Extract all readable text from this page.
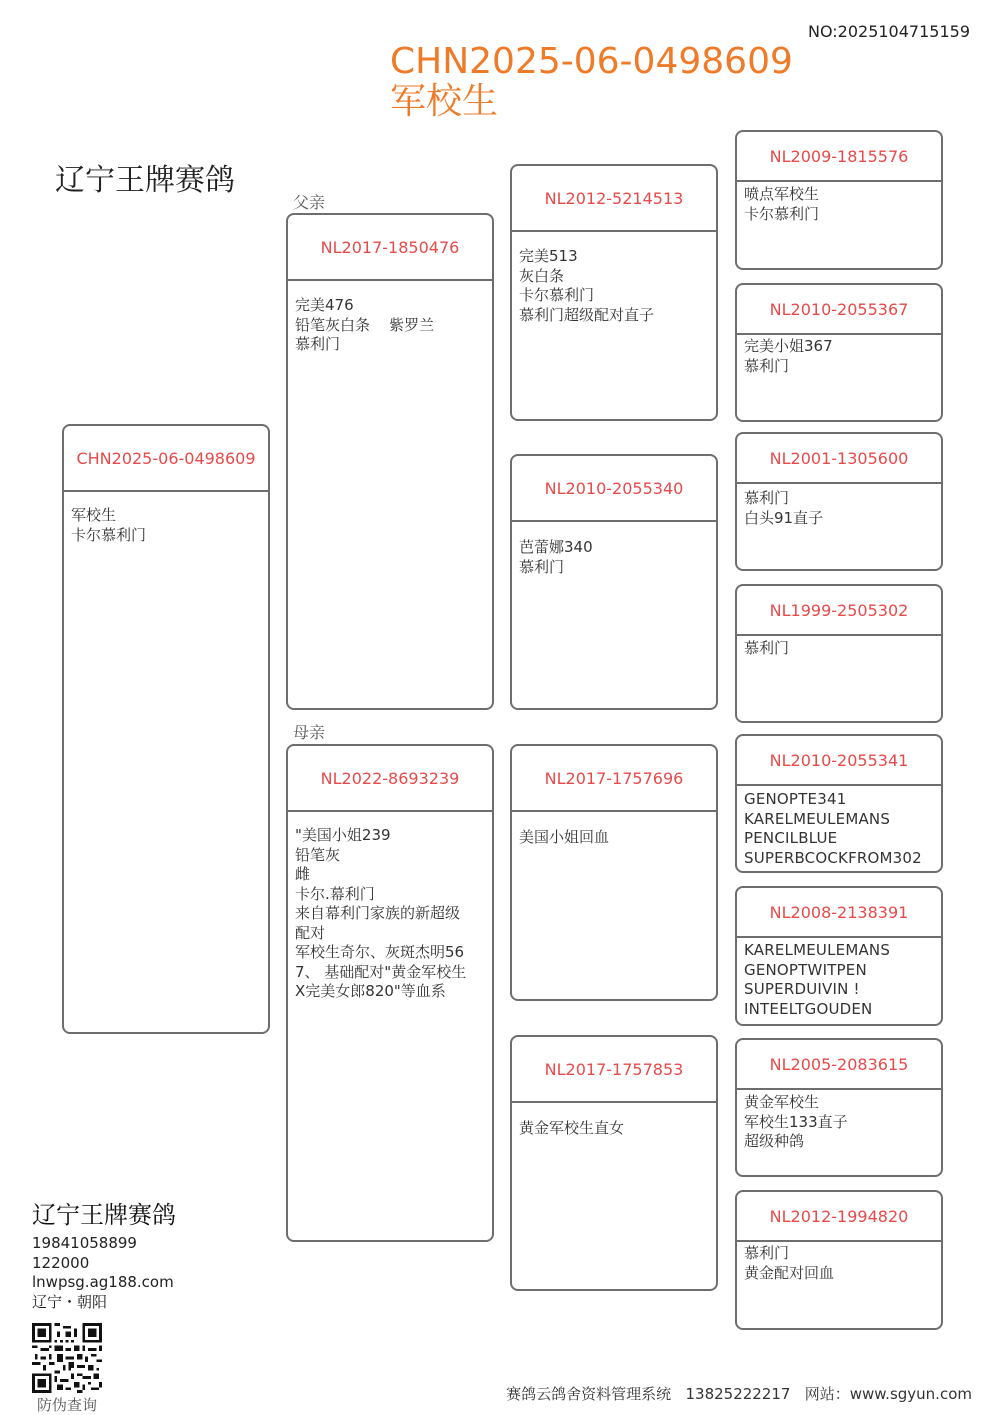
NO:2025104715159
CHN2025-06-0498609
军校生
辽宁王牌赛鸽
父亲
母亲
CHN2025-06-0498609
军校生
卡尔慕利门
NL2017-1850476
完美476
铅笔灰白条    紫罗兰
慕利门
NL2022-8693239
"美国小姐239
铅笔灰
雌
卡尔.幕利门
来自幕利门家族的新超级配对
军校生奇尔、灰斑杰明567、 基础配对"黄金军校生X完美女郎820"等血系
NL2012-5214513
完美513
灰白条
卡尔慕利门
慕利门超级配对直子
NL2010-2055340
芭蕾娜340
慕利门
NL2017-1757696
美国小姐回血
NL2017-1757853
黄金军校生直女
NL2009-1815576
喷点军校生
卡尔慕利门
NL2010-2055367
完美小姐367
慕利门
NL2001-1305600
慕利门
白头91直子
NL1999-2505302
慕利门
NL2010-2055341
GENOPTE341
KARELMEULEMANS
PENCILBLUE
SUPERBCOCKFROM302
NL2008-2138391
KARELMEULEMANS
GENOPTWITPEN
SUPERDUIVIN !
INTEELTGOUDEN
NL2005-2083615
黄金军校生
军校生133直子
超级种鸽
NL2012-1994820
慕利门
黄金配对回血
辽宁王牌赛鸽
19841058899
122000
lnwpsg.ag188.com
辽宁・朝阳
防伪查询
赛鸽云鸽舍资料管理系统   13825222217   网站：www.sgyun.com
